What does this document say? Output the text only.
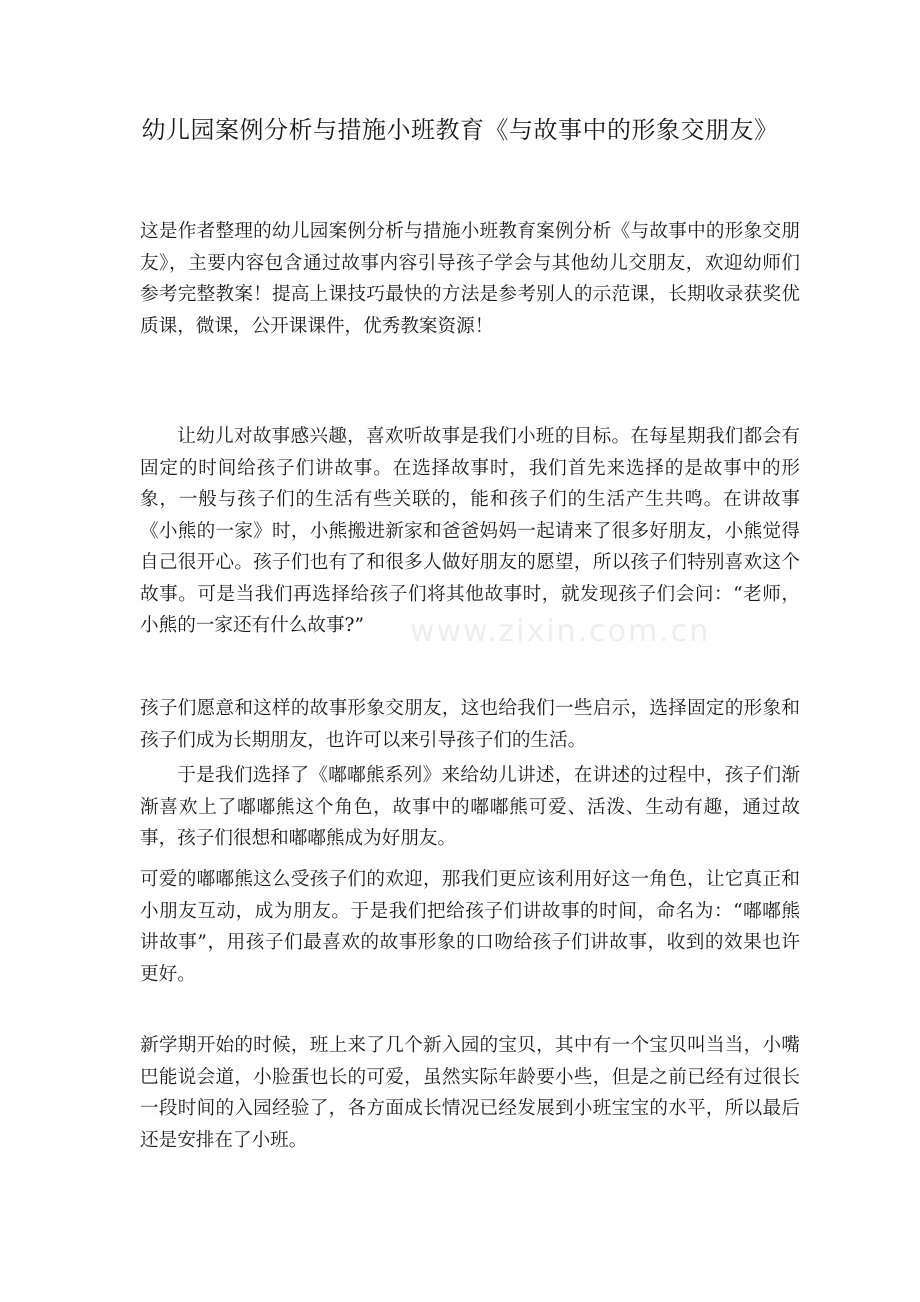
幼儿园案例分析与措施小班教育《与故事中的形象交朋友》

这是作者整理的幼儿园案例分析与措施小班教育案例分析《与故事中的形象交朋友》，主要内容包含通过故事内容引导孩子学会与其他幼儿交朋友，欢迎幼师们参考完整教案！提高上课技巧最快的方法是参考别人的示范课，长期收录获奖优质课，微课，公开课课件，优秀教案资源！

让幼儿对故事感兴趣，喜欢听故事是我们小班的目标。在每星期我们都会有固定的时间给孩子们讲故事。在选择故事时，我们首先来选择的是故事中的形象，一般与孩子们的生活有些关联的，能和孩子们的生活产生共鸣。在讲故事《小熊的一家》时，小熊搬进新家和爸爸妈妈一起请来了很多好朋友，小熊觉得自己很开心。孩子们也有了和很多人做好朋友的愿望，所以孩子们特别喜欢这个故事。可是当我们再选择给孩子们将其他故事时，就发现孩子们会问：“老师，小熊的一家还有什么故事?”

孩子们愿意和这样的故事形象交朋友，这也给我们一些启示，选择固定的形象和孩子们成为长期朋友，也许可以来引导孩子们的生活。

于是我们选择了《嘟嘟熊系列》来给幼儿讲述，在讲述的过程中，孩子们渐渐喜欢上了嘟嘟熊这个角色，故事中的嘟嘟熊可爱、活泼、生动有趣，通过故事，孩子们很想和嘟嘟熊成为好朋友。

可爱的嘟嘟熊这么受孩子们的欢迎，那我们更应该利用好这一角色，让它真正和小朋友互动，成为朋友。于是我们把给孩子们讲故事的时间，命名为：“嘟嘟熊讲故事”，用孩子们最喜欢的故事形象的口吻给孩子们讲故事，收到的效果也许更好。

新学期开始的时候，班上来了几个新入园的宝贝，其中有一个宝贝叫当当，小嘴巴能说会道，小脸蛋也长的可爱，虽然实际年龄要小些，但是之前已经有过很长一段时间的入园经验了，各方面成长情况已经发展到小班宝宝的水平，所以最后还是安排在了小班。

www.zixin.com.cn
